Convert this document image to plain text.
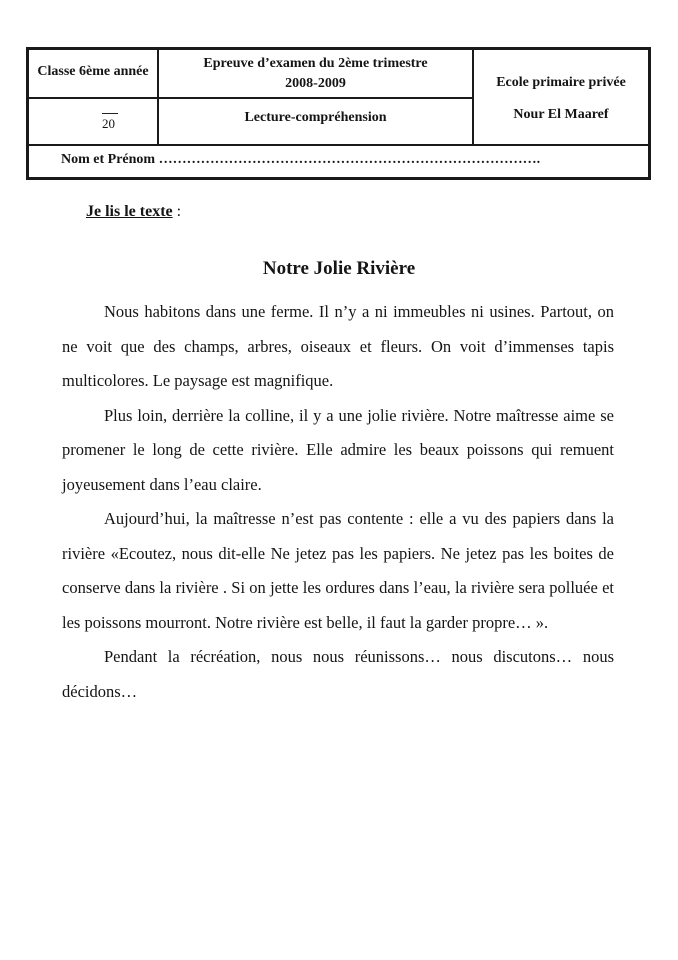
Classe 6ème année
Epreuve d’examen du 2ème trimestre
2008-2009	Ecole primaire privée
Nour El Maaref
20	Lecture-compréhension
Nom et Prénom ……………………………………………………………………….
Je lis le texte :
Notre Jolie Rivière

Nous habitons dans une ferme. Il n’y a ni immeubles ni usines. Partout, on ne voit que des champs, arbres, oiseaux et fleurs. On voit d’immenses tapis multicolores. Le paysage est magnifique.

Plus loin, derrière la colline, il y a une jolie rivière. Notre maîtresse aime se promener le long de cette rivière. Elle admire les beaux poissons qui remuent joyeusement dans l’eau claire.

Aujourd’hui, la maîtresse n’est pas contente : elle a vu des papiers dans la rivière «Ecoutez, nous dit-elle Ne jetez pas les papiers. Ne jetez pas les boites de conserve dans la rivière . Si on jette les ordures dans l’eau, la rivière sera polluée et les poissons mourront. Notre rivière est belle, il faut la garder propre… ».

Pendant la récréation, nous nous réunissons… nous discutons… nous décidons…
